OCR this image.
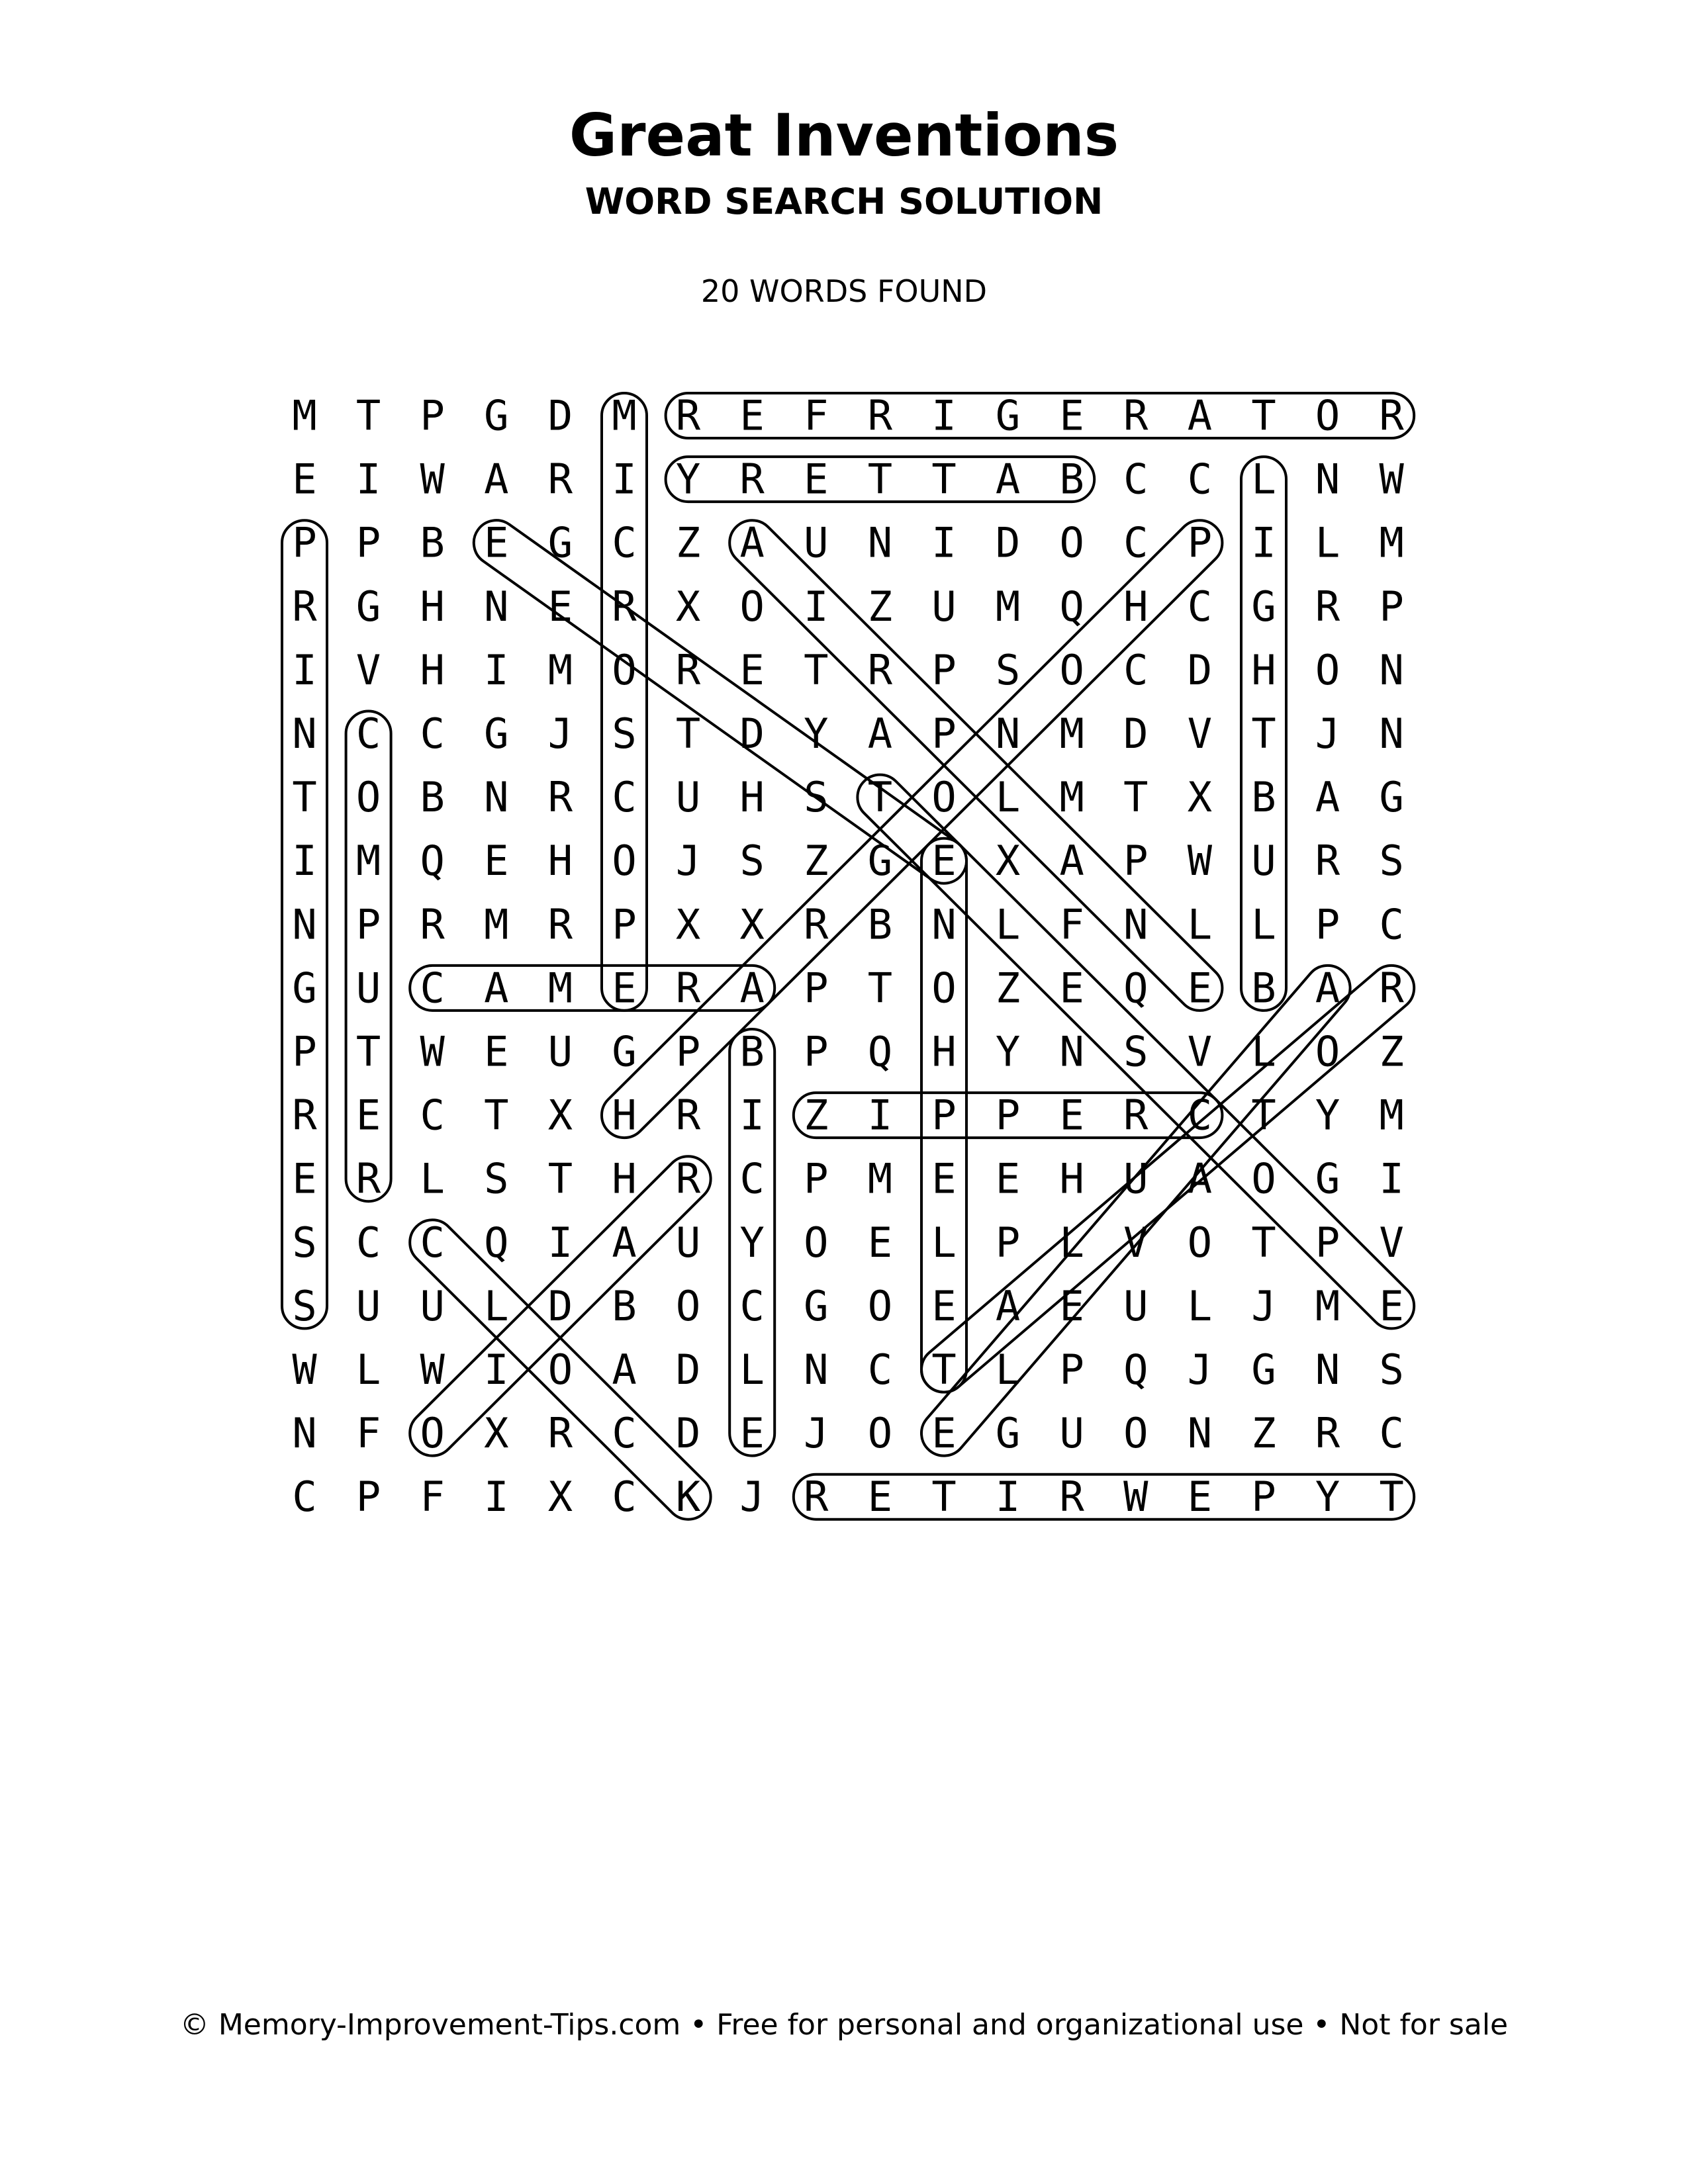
Great Inventions
WORD SEARCH SOLUTION
20 WORDS FOUND
M T P G D M R E F R I G E R A T O R
E I W A R I Y R E T T A B C C L N W
P P B E G C Z A U N I D O C P I L M
R G H N E R X O I Z U M Q H C G R P
I V H I M O R E T R P S O C D H O N
N C C G J S T D Y A P N M D V T J N
T O B N R C U H S T O L M T X B A G
I M Q E H O J S Z G E X A P W U R S
N P R M R P X X R B N L F N L L P C
G U C A M E R A P T O Z E Q E B A R
P T W E U G P B P Q H Y N S V L O Z
R E C T X H R I Z I P P E R C T Y M
E R L S T H R C P M E E H U A O G I
S C C Q I A U Y O E L P L V O T P V
S U U L D B O C G O E A E U L J M E
W L W I O A D L N C T L P Q J G N S
N F O X R C D E J O E G U O N Z R C
C P F I X C K J R E T I R W E P Y T
© Memory-Improvement-Tips.com • Free for personal and organizational use • Not for sale
